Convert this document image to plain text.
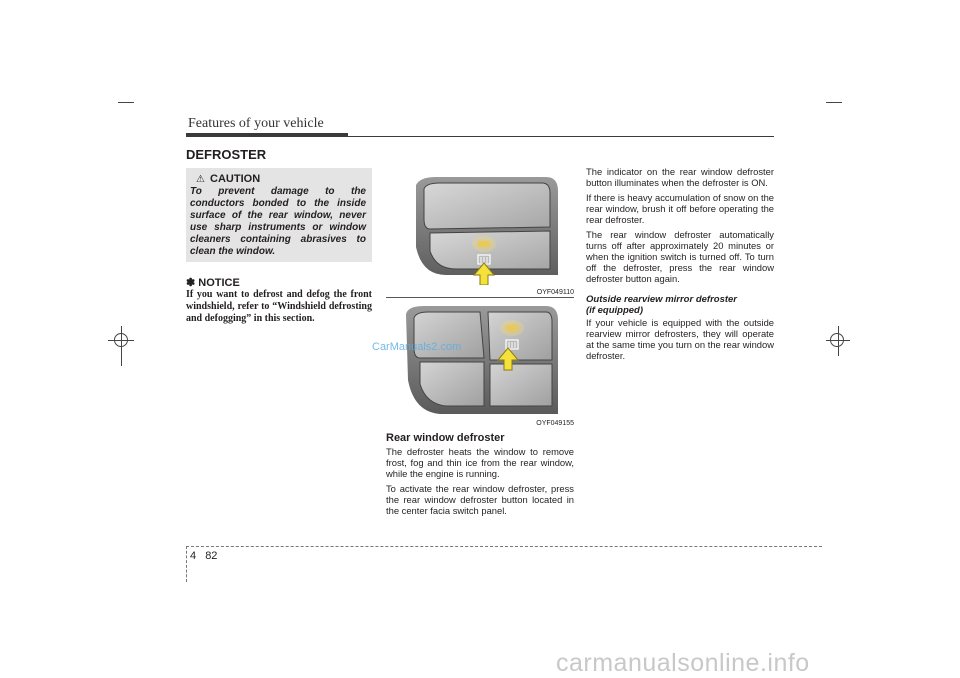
Features of your vehicle
DEFROSTER
⚠ CAUTION
To prevent damage to the conductors bonded to the inside surface of the rear window, never use sharp instruments or window cleaners containing abrasives to clean the window.
✽ NOTICE
If you want to defrost and defog the front windshield, refer to “Windshield defrosting and defogging” in this section.
OYF049110
OYF049155
Rear window defroster

The defroster heats the window to remove frost, fog and thin ice from the rear window, while the engine is running.

To activate the rear window defroster, press the rear window defroster button located in the center facia switch panel.

The indicator on the rear window defroster button illuminates when the defroster is ON.

If there is heavy accumulation of snow on the rear window, brush it off before operating the rear defroster.

The rear window defroster automatically turns off after approximately 20 minutes or when the ignition switch is turned off. To turn off the defroster, press the rear window defroster button again.

Outside rearview mirror defroster
(if equipped)

If your vehicle is equipped with the outside rearview mirror defrosters, they will operate at the same time you turn on the rear window defroster.

CarManuals2.com
4 82
carmanualsonline.info
